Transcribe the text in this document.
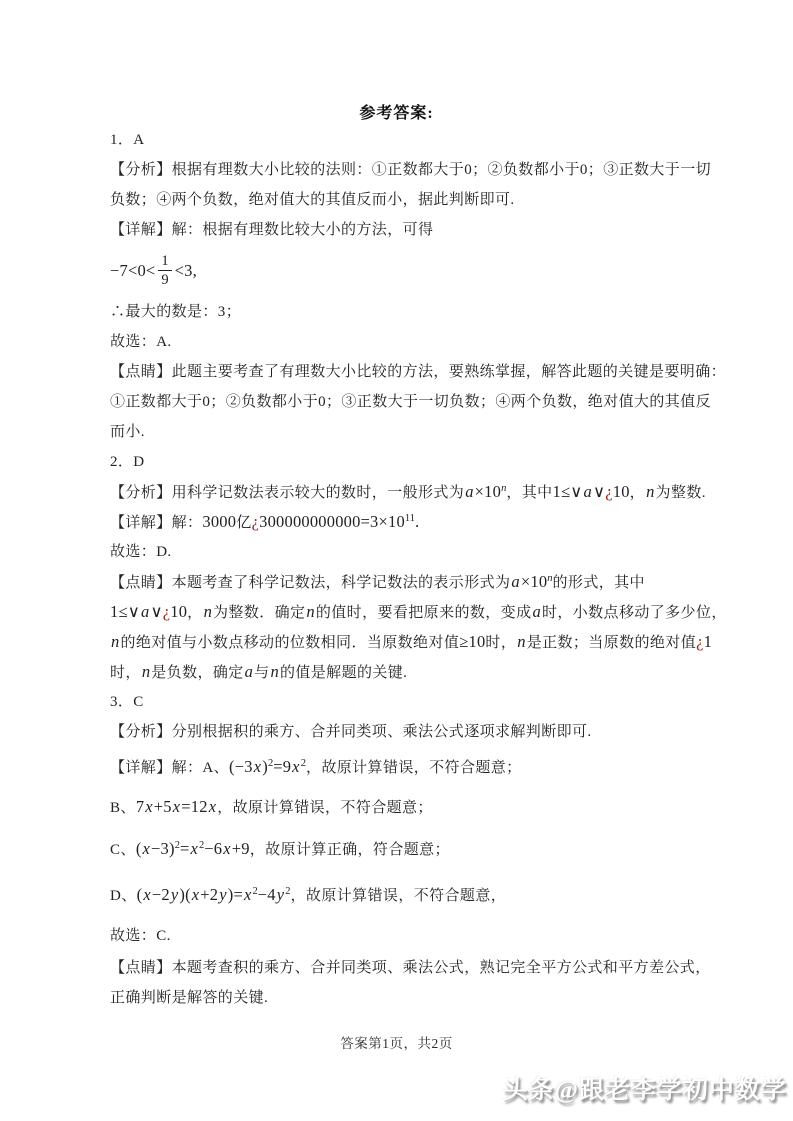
参考答案:
1．A
【分析】根据有理数大小比较的法则：①正数都大于0；②负数都小于0；③正数大于一切
负数；④两个负数，绝对值大的其值反而小，据此判断即可.
【详解】解：根据有理数比较大小的方法，可得
$-7<0< \frac{1}{9} <3$,
∴最大的数是：3；
故选：A.
【点睛】此题主要考查了有理数大小比较的方法，要熟练掌握，解答此题的关键是要明确：
①正数都大于0；②负数都小于0；③正数大于一切负数；④两个负数，绝对值大的其值反
而小.
2．D
【分析】用科学记数法表示较大的数时，一般形式为$a\times 10^n$，其中1≤∨a∨¿10，n为整数.
【详解】解：3000亿¿$300000000000=3\times 10^{11}$.
故选：D.
【点睛】本题考查了科学记数法，科学记数法的表示形式为$a\times 10^n$的形式，其中
1≤∨a∨¿10，n为整数．确定n的值时，要看把原来的数，变成a时，小数点移动了多少位，
n的绝对值与小数点移动的位数相同．当原数绝对值≥10时，n是正数；当原数的绝对值¿1
时，n是负数，确定a与n的值是解题的关键.
3．C
【分析】分别根据积的乘方、合并同类项、乘法公式逐项求解判断即可.
【详解】解：A、$(-3x)^2=9x^2$，故原计算错误，不符合题意；
B、7x+5x=12x，故原计算错误，不符合题意；
C、$(x-3)^2=x^2-6x+9$，故原计算正确，符合题意；
D、$(x-2y)(x+2y)=x^2-4y^2$，故原计算错误，不符合题意，
故选：C.
【点睛】本题考查积的乘方、合并同类项、乘法公式，熟记完全平方公式和平方差公式，
正确判断是解答的关键.
答案第1页，共2页
头条@跟老李学初中数学
